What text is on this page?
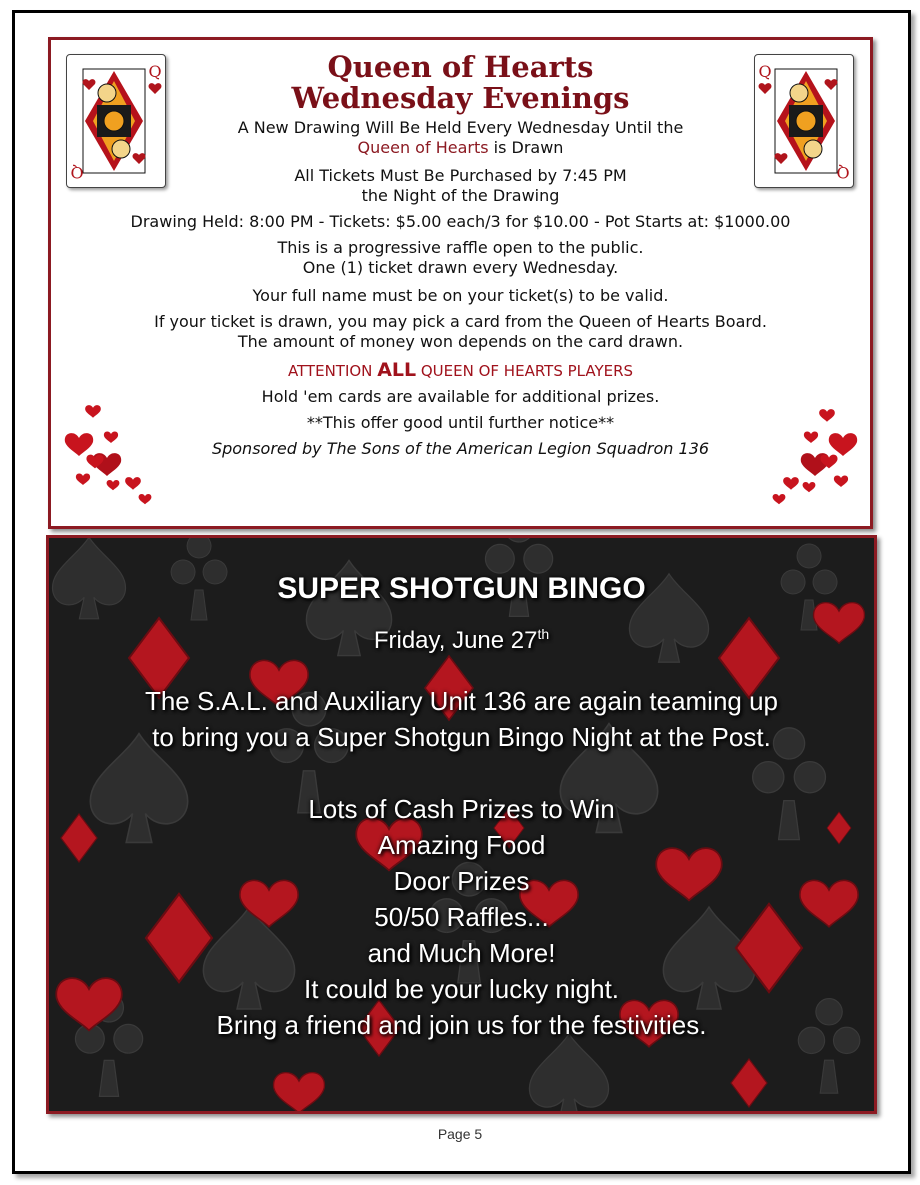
Q
Q
Q
Q

Queen of Hearts
Wednesday Evenings

A New Drawing Will Be Held Every Wednesday Until the
Queen of Hearts is Drawn

All Tickets Must Be Purchased by 7:45 PM
the Night of the Drawing

Drawing Held: 8:00 PM - Tickets: $5.00 each/3 for $10.00 - Pot Starts at: $1000.00

This is a progressive raffle open to the public.
One (1) ticket drawn every Wednesday.

Your full name must be on your ticket(s) to be valid.

If your ticket is drawn, you may pick a card from the Queen of Hearts Board.
The amount of money won depends on the card drawn.

ATTENTION ALL QUEEN OF HEARTS PLAYERS

Hold 'em cards are available for additional prizes.

**This offer good until further notice**

Sponsored by The Sons of the American Legion Squadron 136

SUPER SHOTGUN BINGO

Friday, June 27th

The S.A.L. and Auxiliary Unit 136 are again teaming up

to bring you a Super Shotgun Bingo Night at the Post.

Lots of Cash Prizes to Win

Amazing Food

Door Prizes

50/50 Raffles...

and Much More!

It could be your lucky night.

Bring a friend and join us for the festivities.

Page 5
